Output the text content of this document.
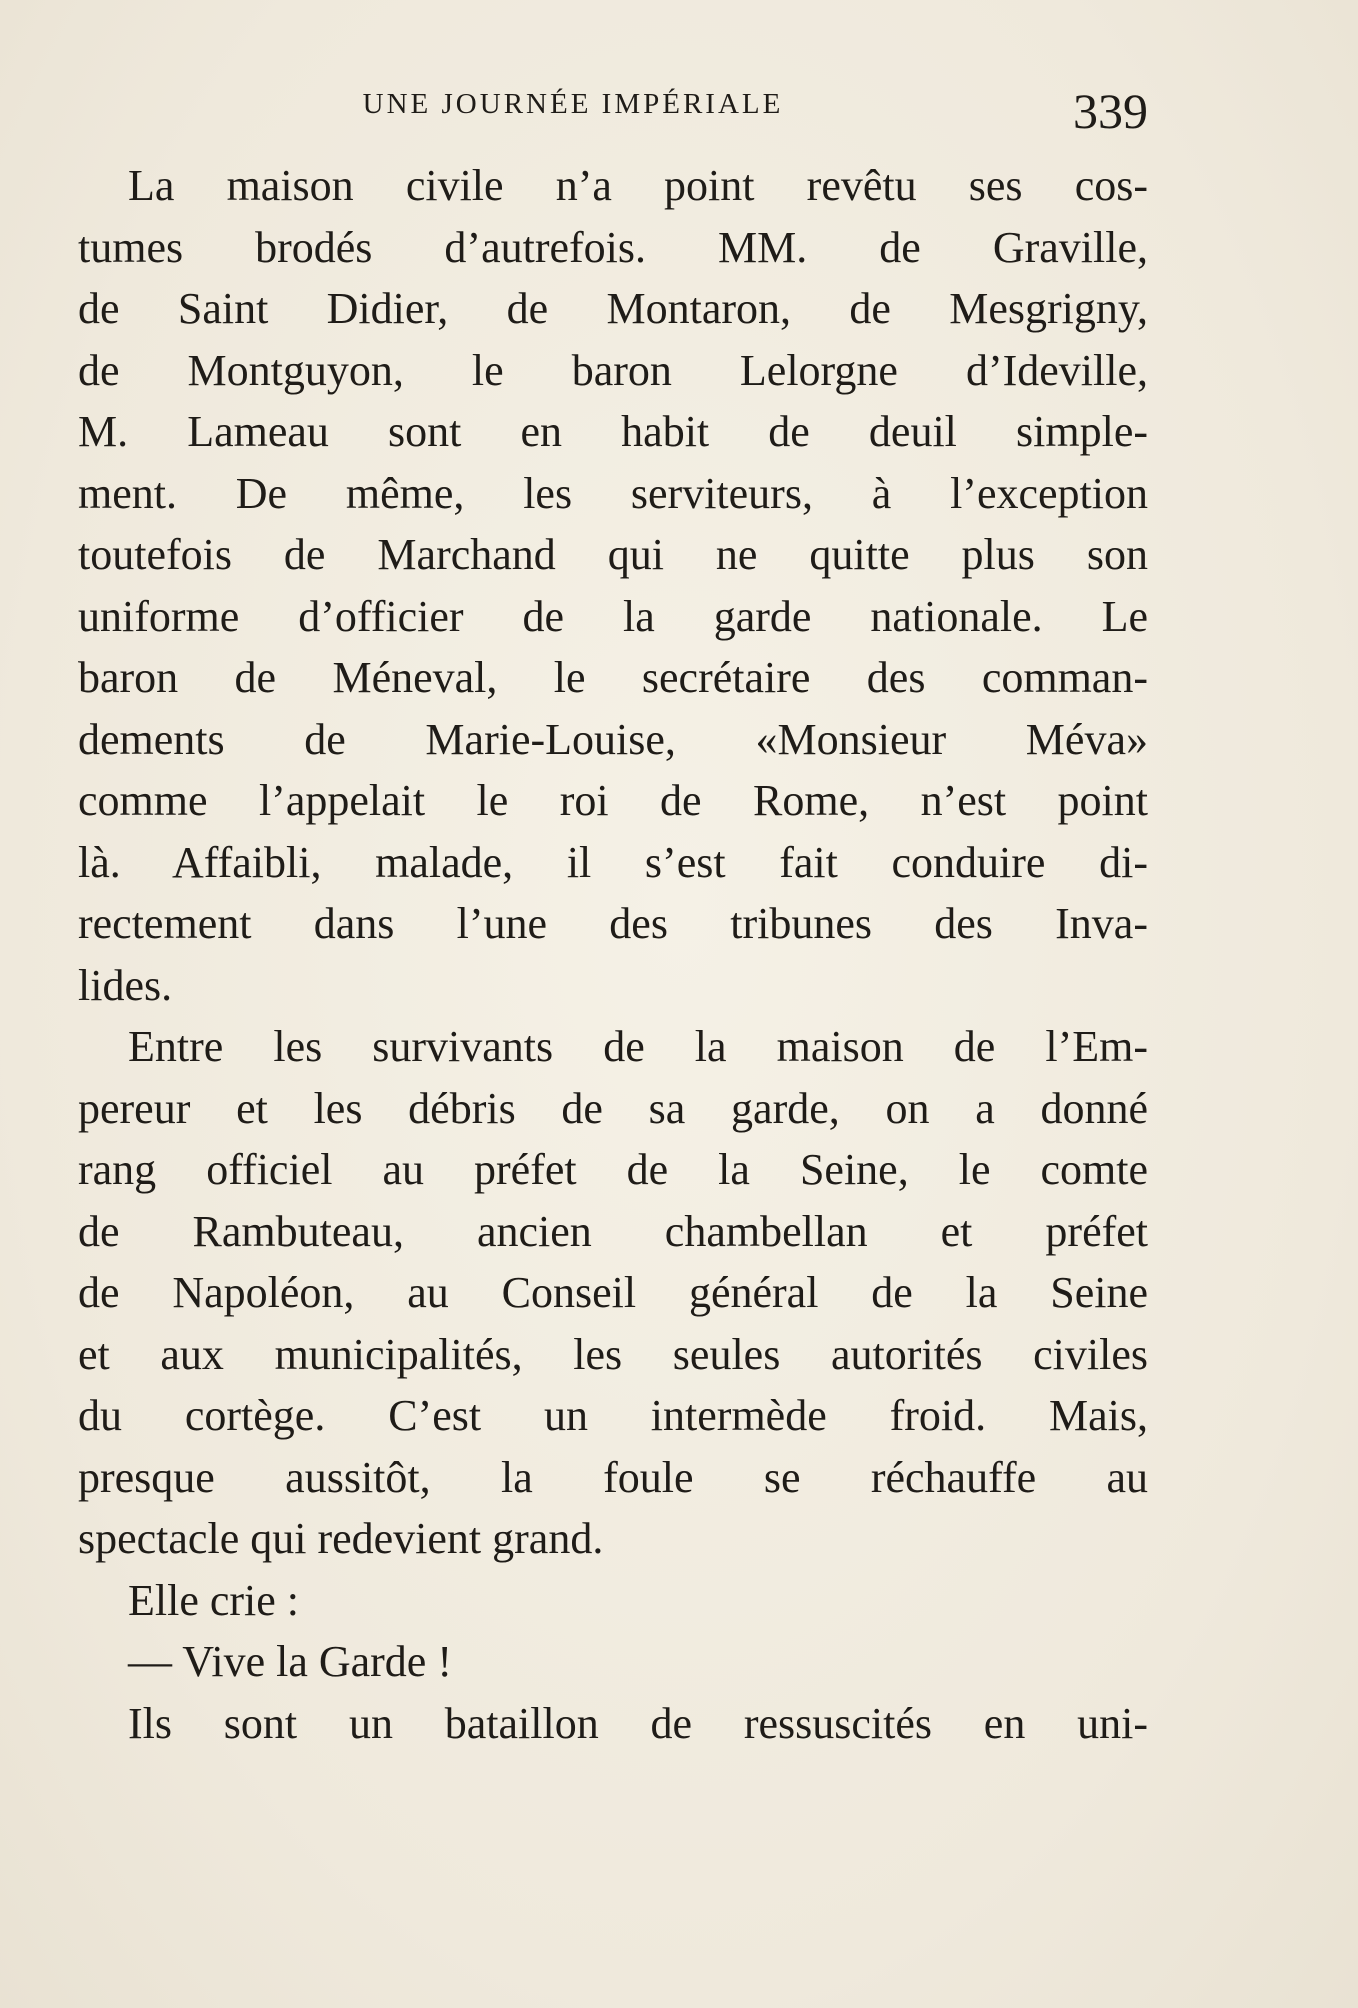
UNE JOURNÉE IMPÉRIALE	339
La maison civile n’a point revêtu ses cos-
tumes brodés d’autrefois. MM. de Graville,
de Saint Didier, de Montaron, de Mesgrigny,
de Montguyon, le baron Lelorgne d’Ideville,
M. Lameau sont en habit de deuil simple-
ment. De même, les serviteurs, à l’exception
toutefois de Marchand qui ne quitte plus son
uniforme d’officier de la garde nationale. Le
baron de Méneval, le secrétaire des comman-
dements de Marie-Louise, «Monsieur Méva»
comme l’appelait le roi de Rome, n’est point
là. Affaibli, malade, il s’est fait conduire di-
rectement dans l’une des tribunes des Inva-
lides.
Entre les survivants de la maison de l’Em-
pereur et les débris de sa garde, on a donné
rang officiel au préfet de la Seine, le comte
de Rambuteau, ancien chambellan et préfet
de Napoléon, au Conseil général de la Seine
et aux municipalités, les seules autorités civiles
du cortège. C’est un intermède froid. Mais,
presque aussitôt, la foule se réchauffe au
spectacle qui redevient grand.
Elle crie :
— Vive la Garde !
Ils sont un bataillon de ressuscités en uni-
